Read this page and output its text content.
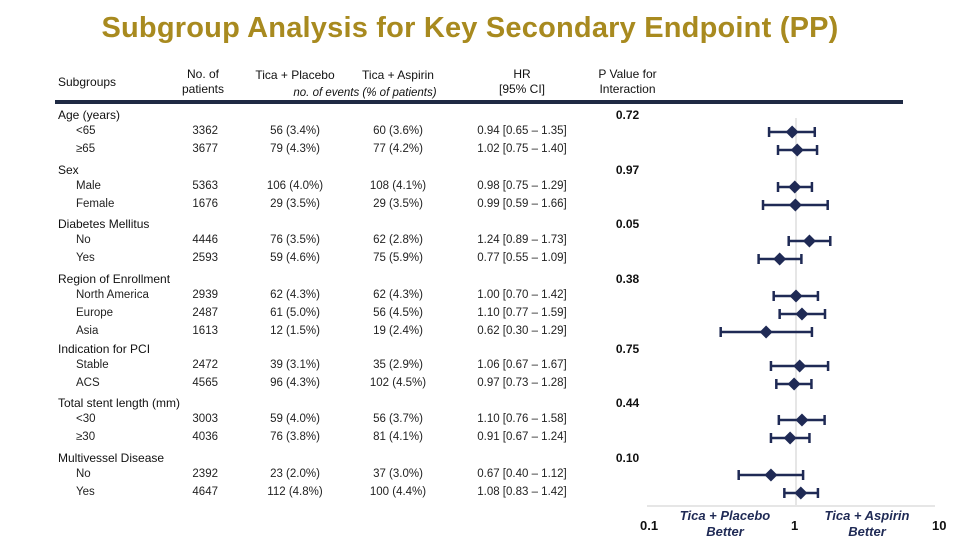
Subgroup Analysis for Key Secondary Endpoint (PP)
Subgroups
No. of
patients
Tica + Placebo	Tica + Aspirin
no. of events (% of patients)
HR
[95% CI]
P Value for
Interaction
Age (years)	0.72
<65	3362	56 (3.4%)	60 (3.6%)	0.94 [0.65 – 1.35]
≥65	3677	79 (4.3%)	77 (4.2%)	1.02 [0.75 – 1.40]
Sex	0.97
Male	5363	106 (4.0%)	108 (4.1%)	0.98 [0.75 – 1.29]
Female	1676	29 (3.5%)	29 (3.5%)	0.99 [0.59 – 1.66]
Diabetes Mellitus	0.05
No	4446	76 (3.5%)	62 (2.8%)	1.24 [0.89 – 1.73]
Yes	2593	59 (4.6%)	75 (5.9%)	0.77 [0.55 – 1.09]
Region of Enrollment	0.38
North America	2939	62 (4.3%)	62 (4.3%)	1.00 [0.70 – 1.42]
Europe	2487	61 (5.0%)	56 (4.5%)	1.10 [0.77 – 1.59]
Asia	1613	12 (1.5%)	19 (2.4%)	0.62 [0.30 – 1.29]
Indication for PCI	0.75
Stable	2472	39 (3.1%)	35 (2.9%)	1.06 [0.67 – 1.67]
ACS	4565	96 (4.3%)	102 (4.5%)	0.97 [0.73 – 1.28]
Total stent length (mm)	0.44
<30	3003	59 (4.0%)	56 (3.7%)	1.10 [0.76 – 1.58]
≥30	4036	76 (3.8%)	81 (4.1%)	0.91 [0.67 – 1.24]
Multivessel Disease	0.10
No	2392	23 (2.0%)	37 (3.0%)	0.67 [0.40 – 1.12]
Yes	4647	112 (4.8%)	100 (4.4%)	1.08 [0.83 – 1.42]
0.1	1	10
Tica + Placebo
Better
Tica + Aspirin
Better
